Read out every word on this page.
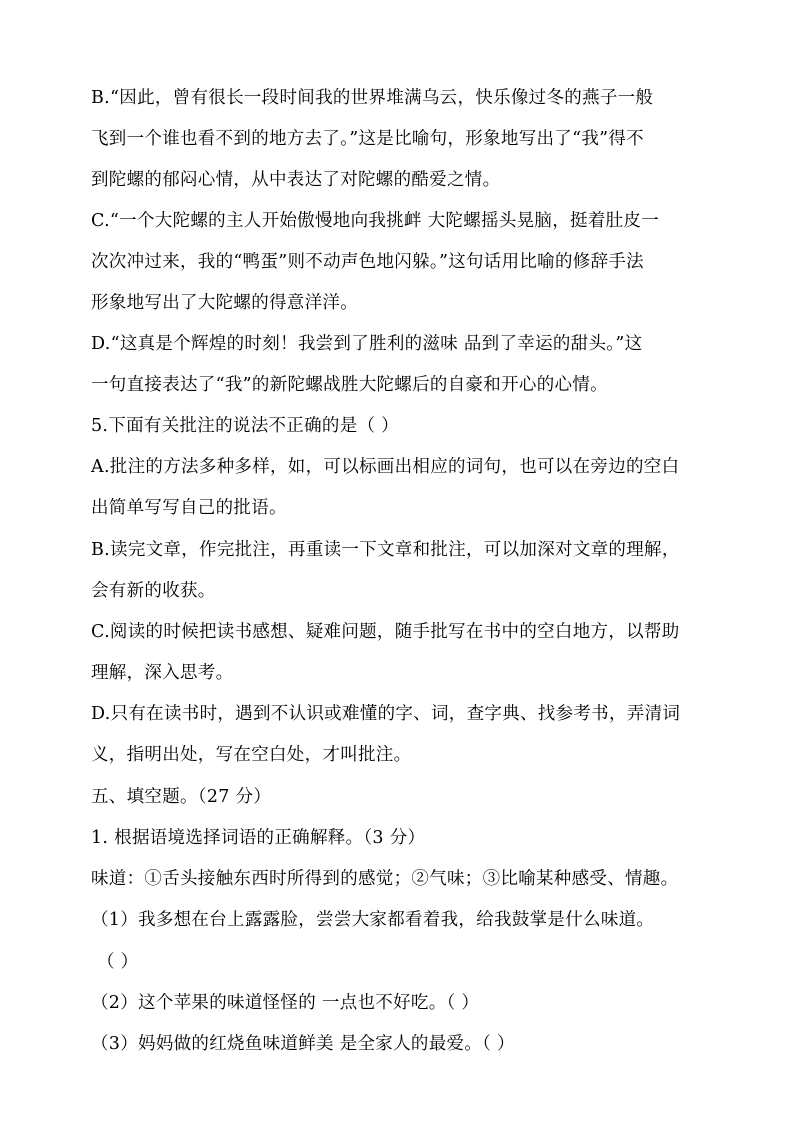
B.“因此，曾有很长一段时间我的世界堆满乌云，快乐像过冬的燕子一般
飞到一个谁也看不到的地方去了。”这是比喻句，形象地写出了“我”得不
到陀螺的郁闷心情，从中表达了对陀螺的酷爱之情。
C.“一个大陀螺的主人开始傲慢地向我挑衅 大陀螺摇头晃脑，挺着肚皮一
次次冲过来，我的“鸭蛋”则不动声色地闪躲。”这句话用比喻的修辞手法
形象地写出了大陀螺的得意洋洋。
D.“这真是个辉煌的时刻！我尝到了胜利的滋味 品到了幸运的甜头。”这
一句直接表达了“我”的新陀螺战胜大陀螺后的自豪和开心的心情。
5.下面有关批注的说法不正确的是（ ）
A.批注的方法多种多样，如，可以标画出相应的词句，也可以在旁边的空白
出简单写写自己的批语。
B.读完文章，作完批注，再重读一下文章和批注，可以加深对文章的理解，
会有新的收获。
C.阅读的时候把读书感想、疑难问题，随手批写在书中的空白地方，以帮助
理解，深入思考。
D.只有在读书时，遇到不认识或难懂的字、词，查字典、找参考书，弄清词
义，指明出处，写在空白处，才叫批注。
五、填空题。（27 分）
1. 根据语境选择词语的正确解释。（3 分）
味道：①舌头接触东西时所得到的感觉；②气味；③比喻某种感受、情趣。
（1）我多想在台上露露脸，尝尝大家都看着我，给我鼓掌是什么味道。
（ ）
（2）这个苹果的味道怪怪的 一点也不好吃。（ ）
（3）妈妈做的红烧鱼味道鲜美 是全家人的最爱。（ ）
